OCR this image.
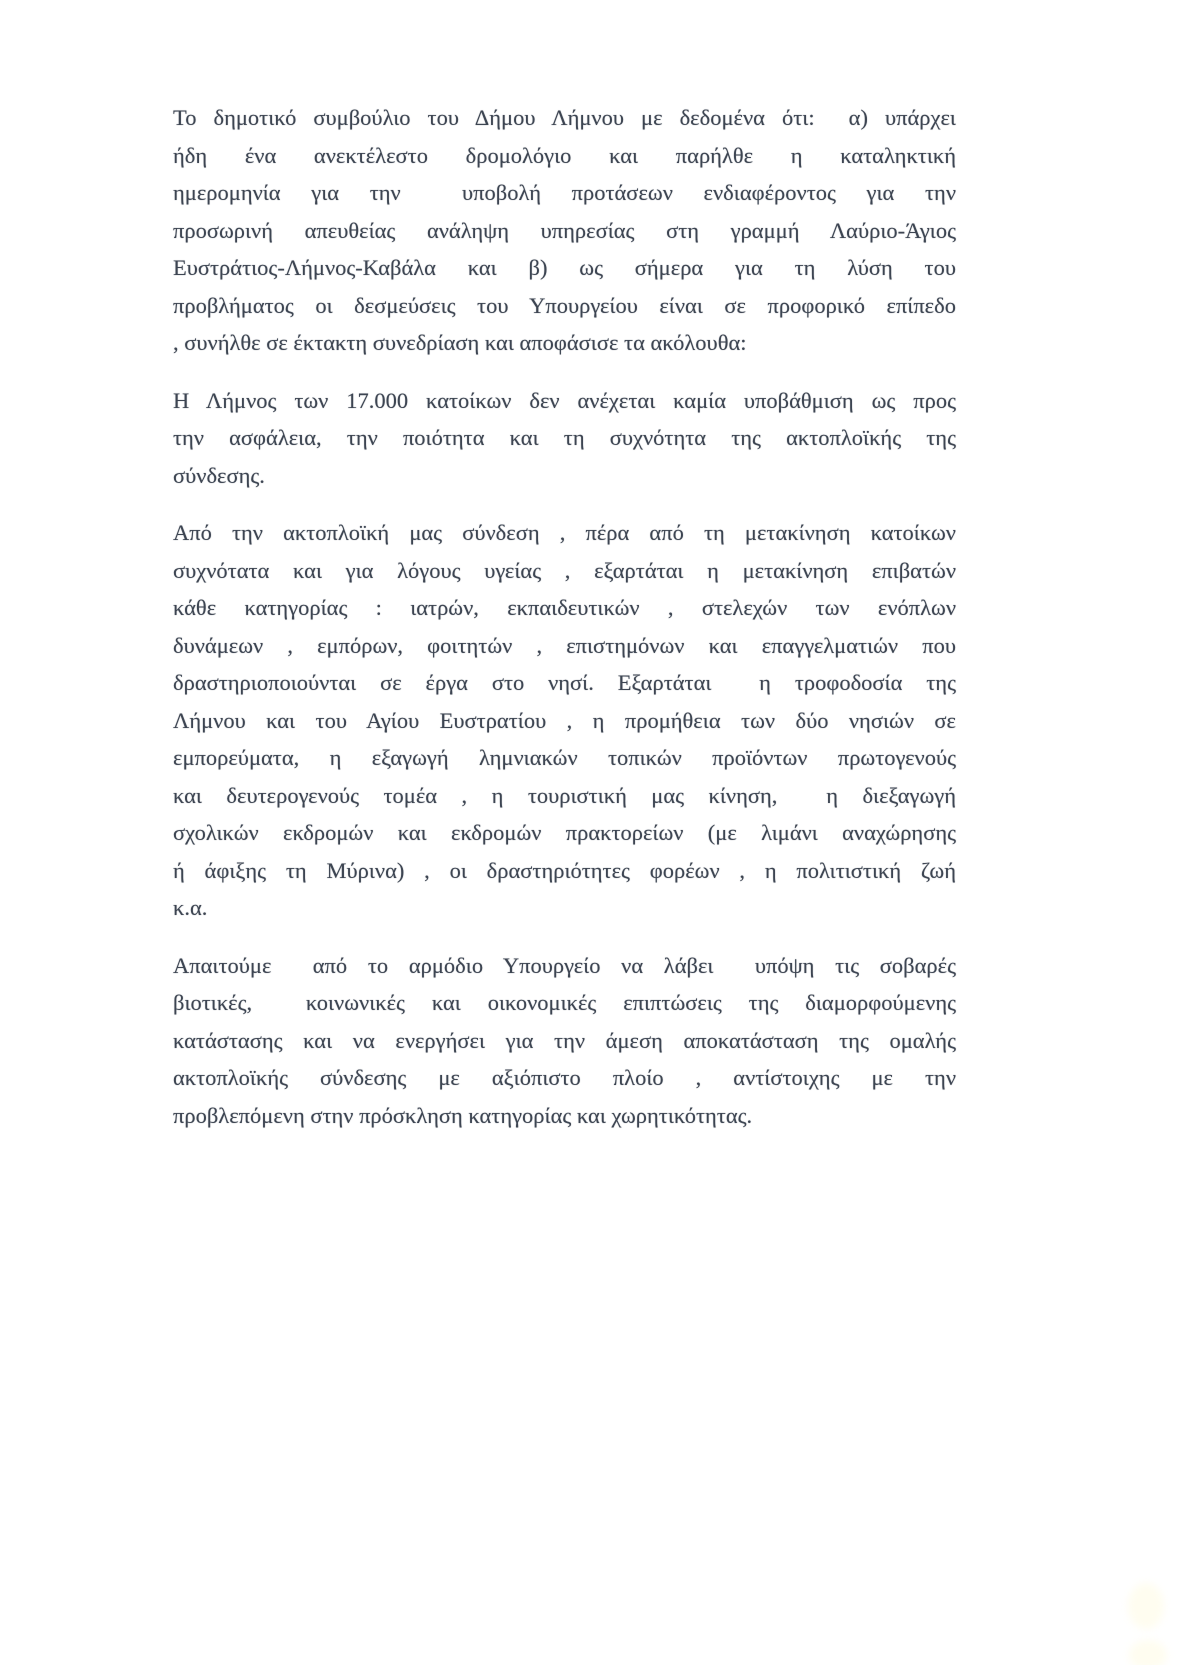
Το δημοτικό συμβούλιο του Δήμου Λήμνου με δεδομένα ότι:  α) υπάρχει
ήδη ένα ανεκτέλεστο δρομολόγιο και παρήλθε η καταληκτική
ημερομηνία για την  υποβολή προτάσεων ενδιαφέροντος για την
προσωρινή απευθείας ανάληψη υπηρεσίας στη γραμμή Λαύριο-Άγιος
Ευστράτιος-Λήμνος-Καβάλα και β) ως σήμερα για τη λύση του
προβλήματος οι δεσμεύσεις του Υπουργείου είναι σε προφορικό επίπεδο
, συνήλθε σε έκτακτη συνεδρίαση και αποφάσισε τα ακόλουθα:
Η Λήμνος των 17.000 κατοίκων δεν ανέχεται καμία υποβάθμιση ως προς
την ασφάλεια, την ποιότητα και τη συχνότητα της ακτοπλοϊκής της
σύνδεσης.
Από την ακτοπλοϊκή μας σύνδεση , πέρα από τη μετακίνηση κατοίκων
συχνότατα και για λόγους υγείας , εξαρτάται η μετακίνηση επιβατών
κάθε κατηγορίας : ιατρών, εκπαιδευτικών , στελεχών των ενόπλων
δυνάμεων , εμπόρων, φοιτητών , επιστημόνων και επαγγελματιών που
δραστηριοποιούνται σε έργα στο νησί. Εξαρτάται  η τροφοδοσία της
Λήμνου και του Αγίου Ευστρατίου , η προμήθεια των δύο νησιών σε
εμπορεύματα, η εξαγωγή λημνιακών τοπικών προϊόντων πρωτογενούς
και δευτερογενούς τομέα , η τουριστική μας κίνηση,  η διεξαγωγή
σχολικών εκδρομών και εκδρομών πρακτορείων (με λιμάνι αναχώρησης
ή άφιξης τη Μύρινα) , οι δραστηριότητες φορέων , η πολιτιστική ζωή
κ.α.
Απαιτούμε  από το αρμόδιο Υπουργείο να λάβει  υπόψη τις σοβαρές
βιοτικές,  κοινωνικές και οικονομικές επιπτώσεις της διαμορφούμενης
κατάστασης και να ενεργήσει για την άμεση αποκατάσταση της ομαλής
ακτοπλοϊκής σύνδεσης με αξιόπιστο πλοίο , αντίστοιχης με την
προβλεπόμενη στην πρόσκληση κατηγορίας και χωρητικότητας.
